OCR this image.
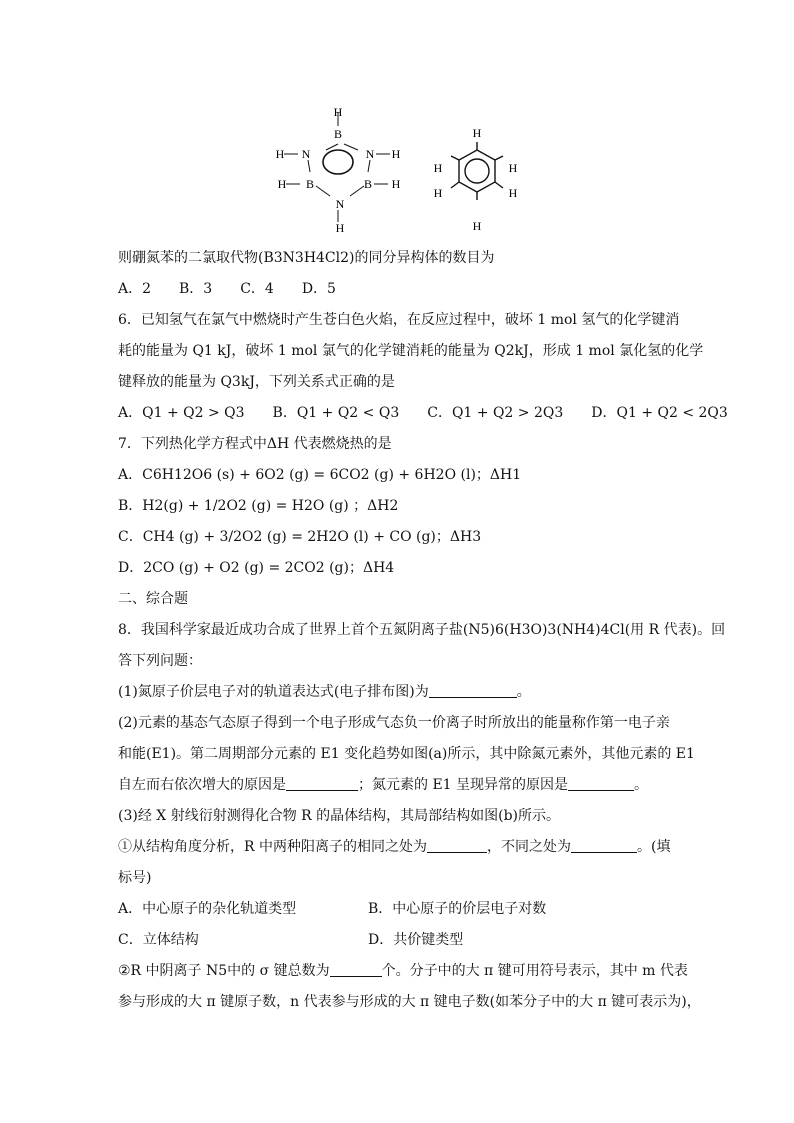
B
N	N
B	B
N
H
H	H
H	H
H
H
H
H
H
H
H
则硼氮苯的二氯取代物(B3N3H4Cl2)的同分异构体的数目为
A．2　　B．3　　C．4　　D．5
6．已知氢气在氯气中燃烧时产生苍白色火焰，在反应过程中，破坏 1 mol 氢气的化学键消
耗的能量为 Q1 kJ，破坏 1 mol 氯气的化学键消耗的能量为 Q2kJ，形成 1 mol 氯化氢的化学
键释放的能量为 Q3kJ，下列关系式正确的是
A．Q1 + Q2 > Q3　　B．Q1 + Q2 < Q3　　C．Q1 + Q2 > 2Q3　　D．Q1 + Q2 < 2Q3
7．下列热化学方程式中ΔH 代表燃烧热的是
A．C6H12O6 (s) + 6O2 (g) = 6CO2 (g) + 6H2O (l)；ΔH1
B．H2(g) + 1/2O2 (g) = H2O (g) ；ΔH2
C．CH4 (g) + 3/2O2 (g) = 2H2O (l) + CO (g)；ΔH3
D．2CO (g) + O2 (g) = 2CO2 (g)；ΔH4
二、综合题
8．我国科学家最近成功合成了世界上首个五氮阴离子盐(N5)6(H3O)3(NH4)4Cl(用 R 代表)。回
答下列问题：
(1)氮原子价层电子对的轨道表达式(电子排布图)为	。
(2)元素的基态气态原子得到一个电子形成气态负一价离子时所放出的能量称作第一电子亲
和能(E1)。第二周期部分元素的 E1 变化趋势如图(a)所示，其中除氮元素外，其他元素的 E1
自左而右依次增大的原因是	；氮元素的 E1 呈现异常的原因是	。
(3)经 X 射线衍射测得化合物 R 的晶体结构，其局部结构如图(b)所示。
①从结构角度分析，R 中两种阳离子的相同之处为	，不同之处为	。(填
标号)
A．中心原子的杂化轨道类型	B．中心原子的价层电子对数
C．立体结构	D．共价键类型
②R 中阴离子 N5中的 σ 键总数为	个。分子中的大 π 键可用符号表示，其中 m 代表
参与形成的大 π 键原子数，n 代表参与形成的大 π 键电子数(如苯分子中的大 π 键可表示为)，
